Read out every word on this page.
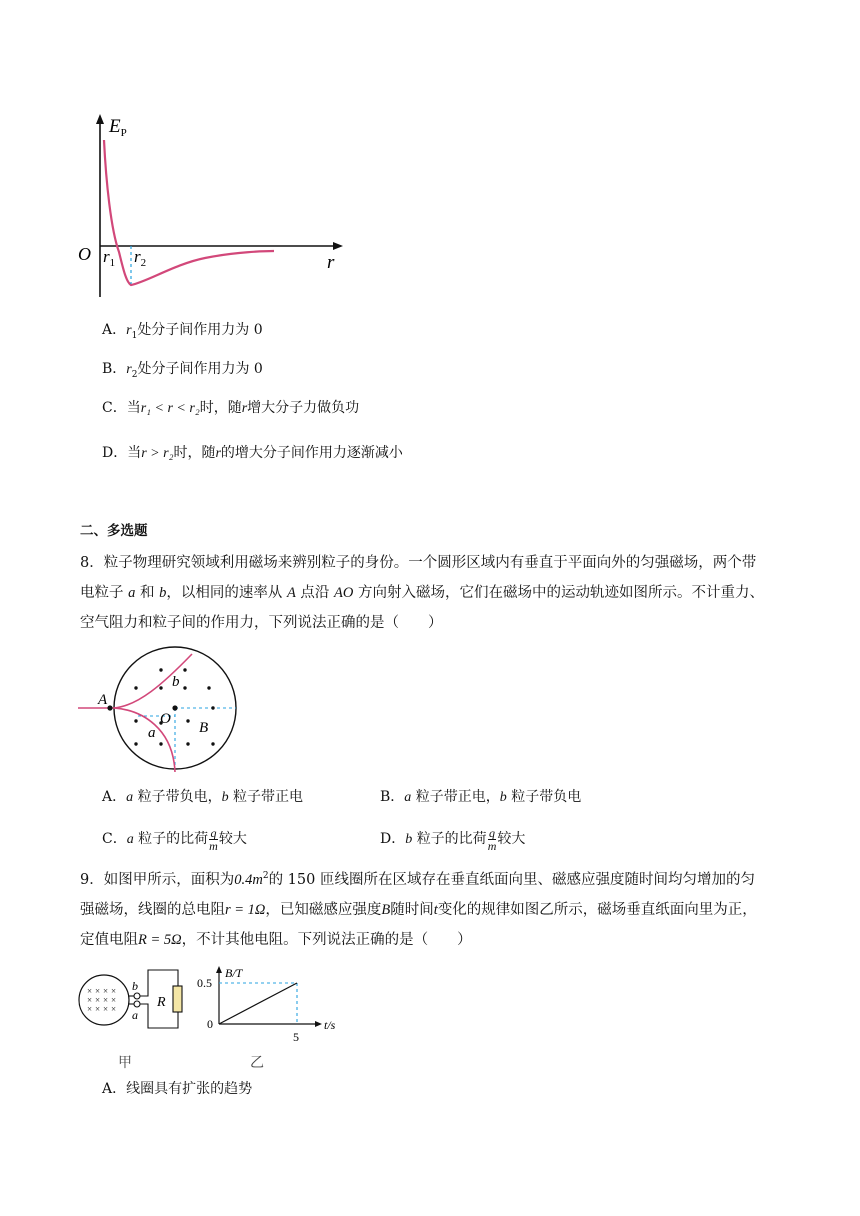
$E_P$
O	r
$r_1$ $r_2$
A．$r_1$处分子间作用力为 0
B．$r_2$处分子间作用力为 0
C．当r₁ < r < r₂时，随r增大分子力做负功
D．当r > r₂时，随r的增大分子间作用力逐渐减小
二、多选题
8．粒子物理研究领域利用磁场来辨别粒子的身份。一个圆形区域内有垂直于平面向外的匀强磁场，两个带
电粒子 a 和 b，以相同的速率从 A 点沿 AO 方向射入磁场，它们在磁场中的运动轨迹如图所示。不计重力、
空气阻力和粒子间的作用力，下列说法正确的是（　　）
A
b
O
a	B
A．a 粒子带负电，b 粒子带正电	B．a 粒子带正电，b 粒子带负电
C．a 粒子的比荷 $\frac{q}{m}$ 较大	D．b 粒子的比荷 $\frac{q}{m}$ 较大
9．如图甲所示，面积为$0.4m^2$的 150 匝线圈所在区域存在垂直纸面向里、磁感应强度随时间均匀增加的匀
强磁场，线圈的总电阻r = 1Ω，已知磁感应强度B随时间t变化的规律如图乙所示，磁场垂直纸面向里为正，
定值电阻R = 5Ω，不计其他电阻。下列说法正确的是（　　）
× × × ×
× × × ×
× × × ×
b
a
R
甲
B/T
t/s
0.5
0
5
乙
A．线圈具有扩张的趋势
